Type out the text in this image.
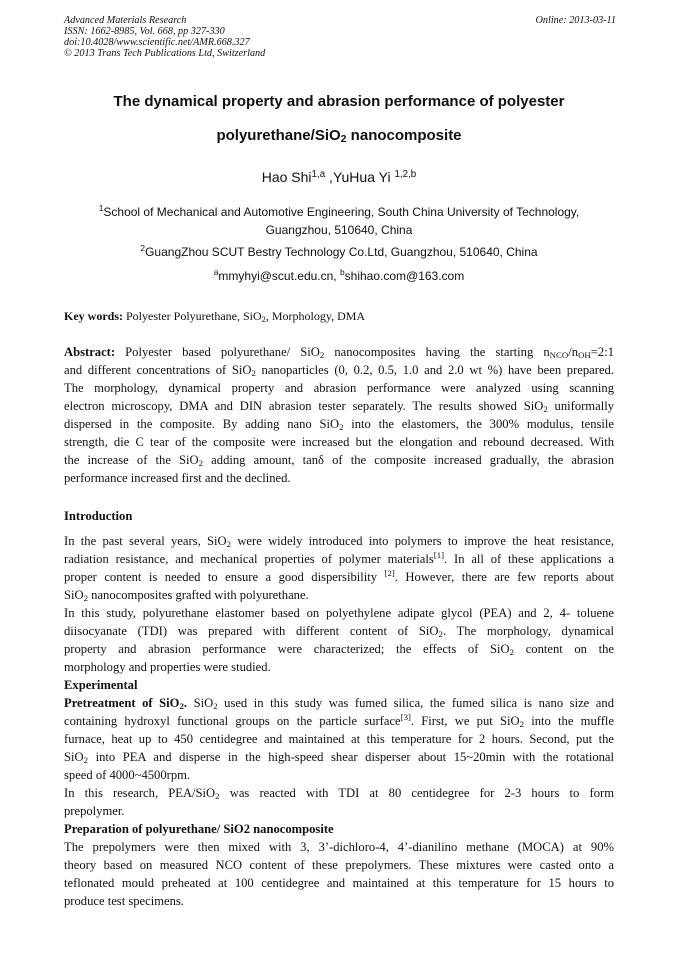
Advanced Materials Research
ISSN: 1662-8985, Vol. 668, pp 327-330
doi:10.4028/www.scientific.net/AMR.668.327
© 2013 Trans Tech Publications Ltd, Switzerland
Online: 2013-03-11
The dynamical property and abrasion performance of polyester
polyurethane/SiO$_2$ nanocomposite
Hao Shi$^{1,a}$ ,YuHua Yi $^{1,2,b}$
$^1$School of Mechanical and Automotive Engineering, South China University of Technology,
Guangzhou, 510640, China
$^2$GuangZhou SCUT Bestry Technology Co.Ltd, Guangzhou, 510640, China
$^a$mmyhyi@scut.edu.cn, $^b$shihao.com@163.com
Key words: Polyester Polyurethane, SiO$_2$, Morphology, DMA
Abstract: Polyester based polyurethane/ SiO$_2$ nanocomposites having the starting $n_{NCO}/n_{OH}=2:1$
and different concentrations of SiO$_2$ nanoparticles (0, 0.2, 0.5, 1.0 and 2.0 wt %) have been prepared.
The morphology, dynamical property and abrasion performance were analyzed using scanning
electron microscopy, DMA and DIN abrasion tester separately. The results showed SiO$_2$ uniformally
dispersed in the composite. By adding nano SiO$_2$ into the elastomers, the 300% modulus, tensile
strength, die C tear of the composite were increased but the elongation and rebound decreased. With
the increase of the SiO$_2$ adding amount, tanδ of the composite increased gradually, the abrasion
performance increased first and the declined.
Introduction
In the past several years, SiO$_2$ were widely introduced into polymers to improve the heat resistance,
radiation resistance, and mechanical properties of polymer materials[1]. In all of these applications a
proper content is needed to ensure a good dispersibility [2]. However, there are few reports about
SiO$_2$ nanocomposites grafted with polyurethane.
In this study, polyurethane elastomer based on polyethylene adipate glycol (PEA) and 2, 4- toluene
diisocyanate (TDI) was prepared with different content of SiO$_2$. The morphology, dynamical
property and abrasion performance were characterized; the effects of SiO$_2$ content on the
morphology and properties were studied.
Experimental
Pretreatment of SiO$_2$. SiO$_2$ used in this study was fumed silica, the fumed silica is nano size and
containing hydroxyl functional groups on the particle surface[3]. First, we put SiO$_2$ into the muffle
furnace, heat up to 450 centidegree and maintained at this temperature for 2 hours. Second, put the
SiO$_2$ into PEA and disperse in the high-speed shear disperser about 15~20min with the rotational
speed of 4000~4500rpm.
In this research, PEA/SiO$_2$ was reacted with TDI at 80 centidegree for 2-3 hours to form
prepolymer.
Preparation of polyurethane/ SiO2 nanocomposite
The prepolymers were then mixed with 3, 3’-dichloro-4, 4’-dianilino methane (MOCA) at 90%
theory based on measured NCO content of these prepolymers. These mixtures were casted onto a
teflonated mould preheated at 100 centidegree and maintained at this temperature for 15 hours to
produce test specimens.
